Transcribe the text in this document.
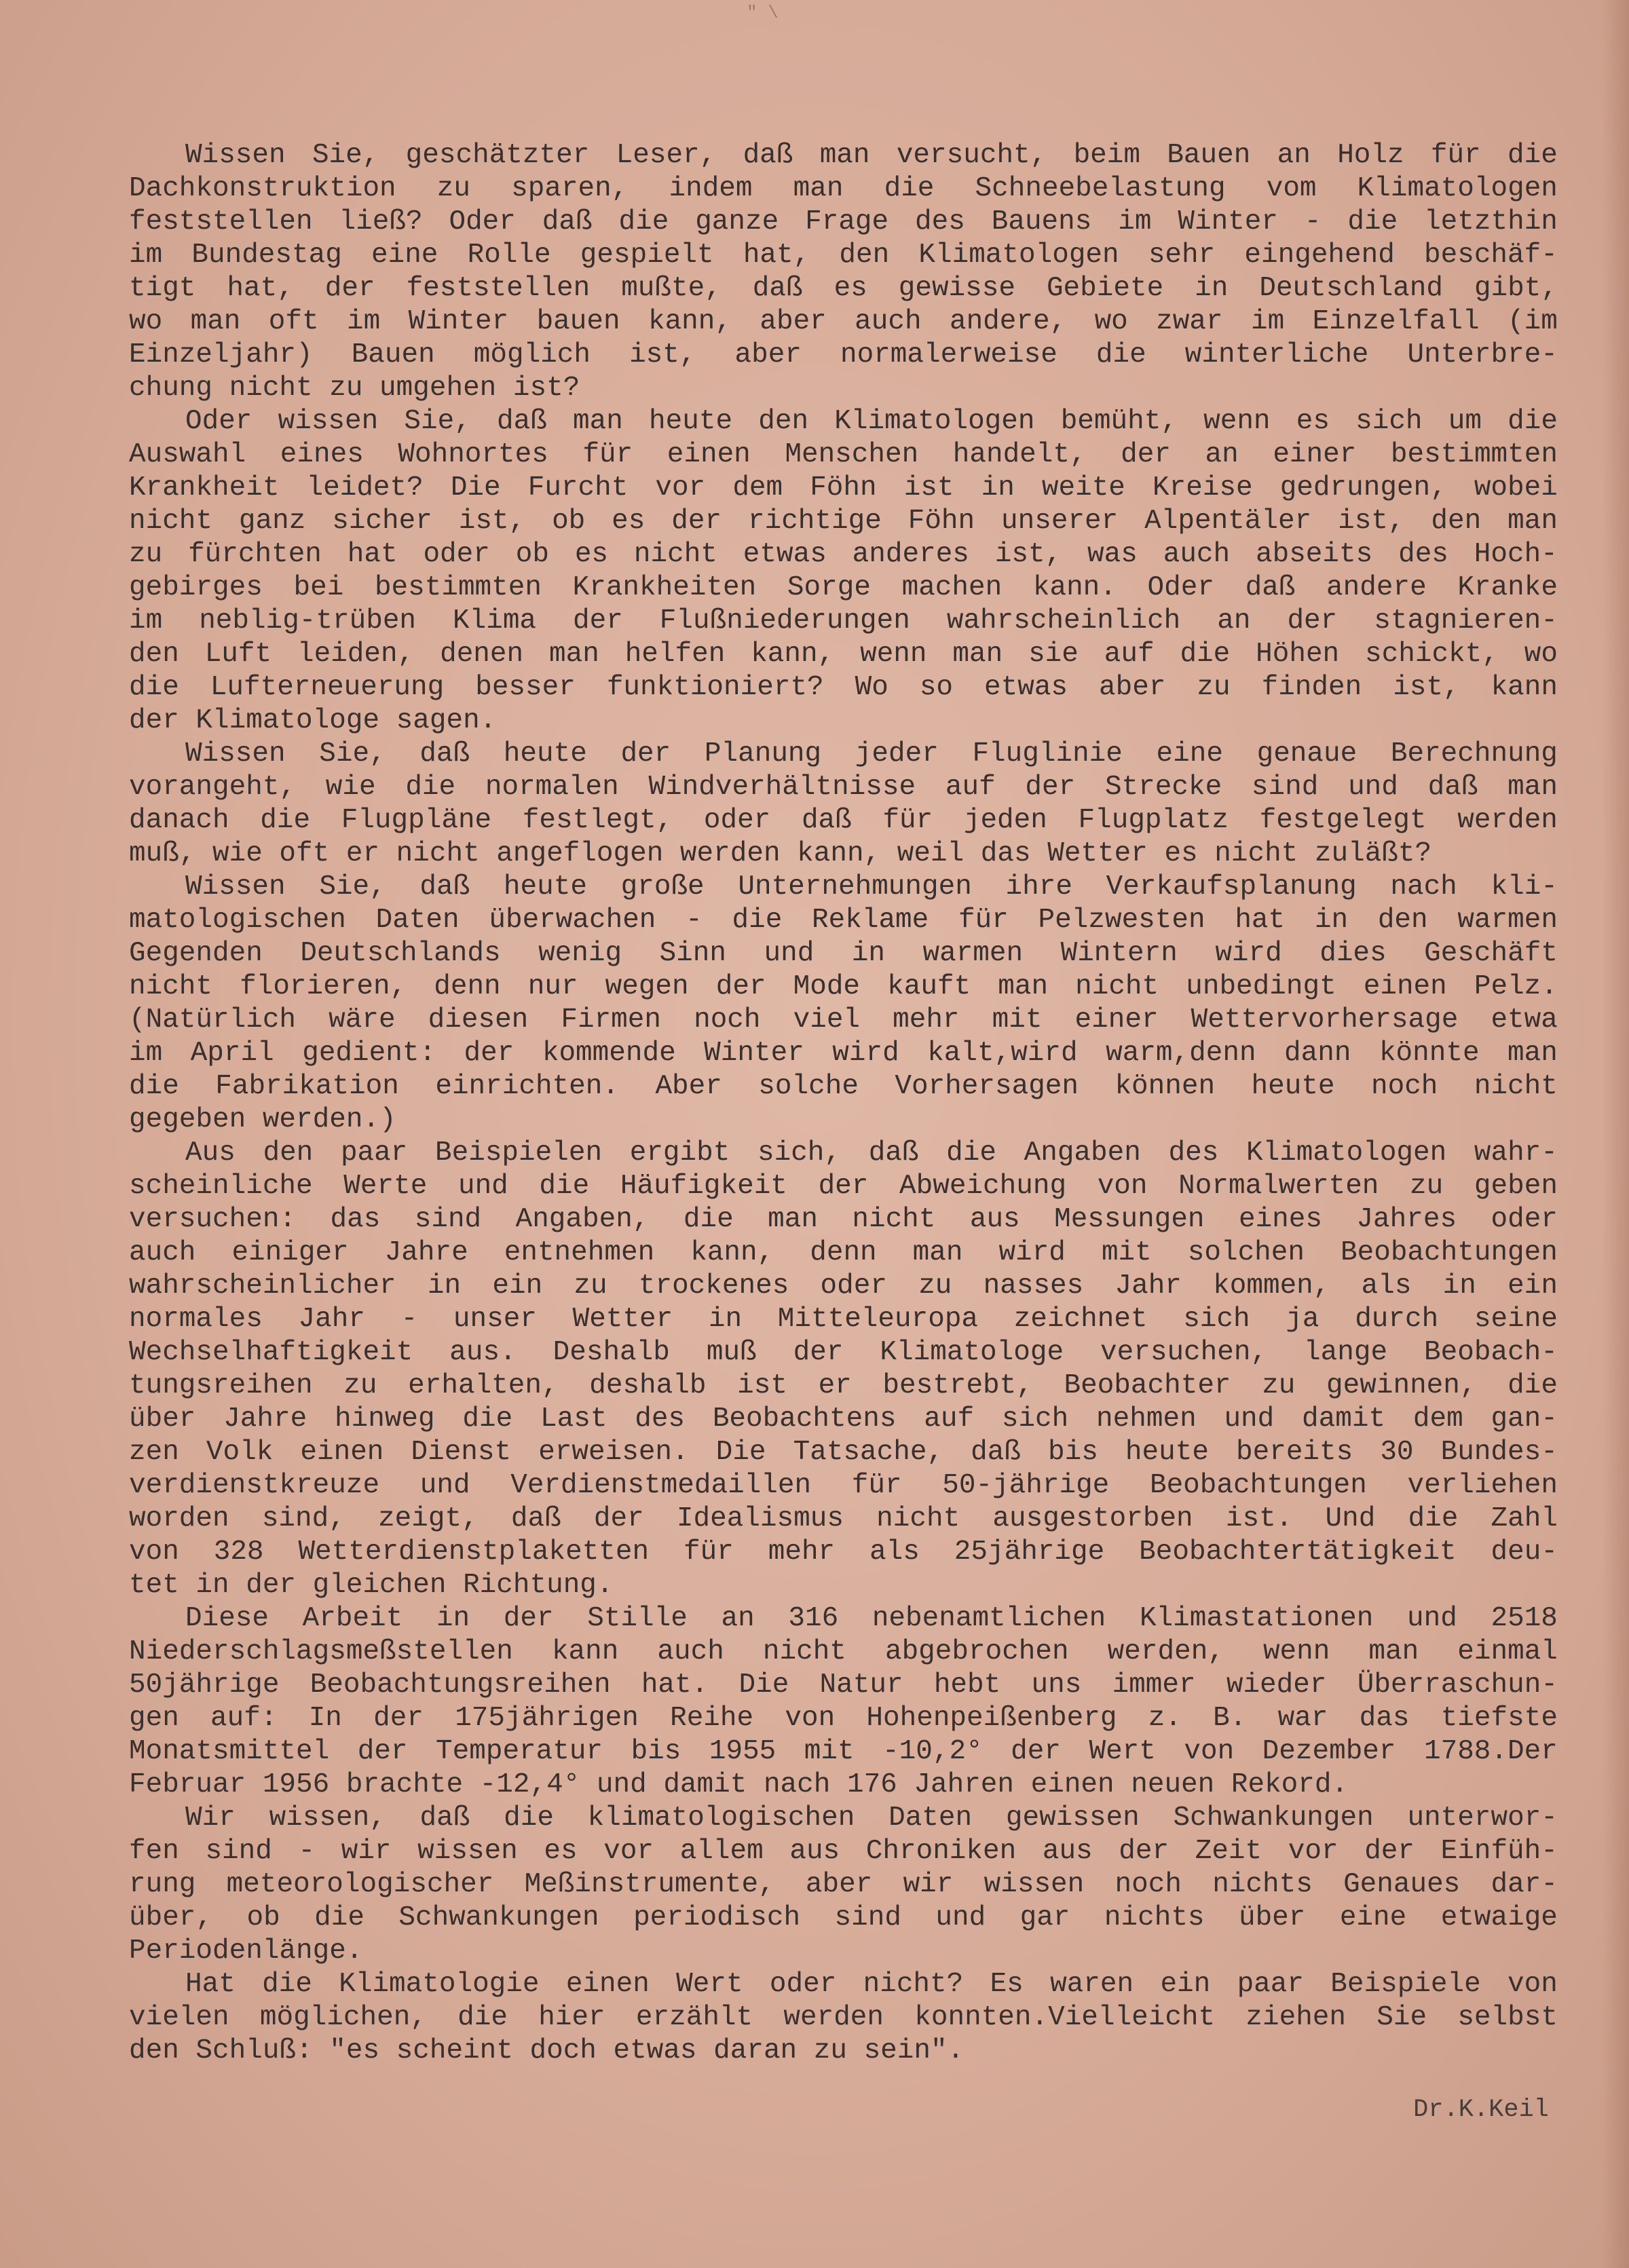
" \
Wissen Sie, geschätzter Leser, daß man versucht, beim Bauen an Holz für die
Dachkonstruktion zu sparen, indem man die Schneebelastung vom Klimatologen
feststellen ließ? Oder daß die ganze Frage des Bauens im Winter - die letzthin
im Bundestag eine Rolle gespielt hat, den Klimatologen sehr eingehend beschäf-
tigt hat, der feststellen mußte, daß es gewisse Gebiete in Deutschland gibt,
wo man oft im Winter bauen kann, aber auch andere, wo zwar im Einzelfall (im
Einzeljahr) Bauen möglich ist, aber normalerweise die winterliche Unterbre-
chung nicht zu umgehen ist?
Oder wissen Sie, daß man heute den Klimatologen bemüht, wenn es sich um die
Auswahl eines Wohnortes für einen Menschen handelt, der an einer bestimmten
Krankheit leidet? Die Furcht vor dem Föhn ist in weite Kreise gedrungen, wobei
nicht ganz sicher ist, ob es der richtige Föhn unserer Alpentäler ist, den man
zu fürchten hat oder ob es nicht etwas anderes ist, was auch abseits des Hoch-
gebirges bei bestimmten Krankheiten Sorge machen kann. Oder daß andere Kranke
im neblig-trüben Klima der Flußniederungen wahrscheinlich an der stagnieren-
den Luft leiden, denen man helfen kann, wenn man sie auf die Höhen schickt, wo
die Lufterneuerung besser funktioniert? Wo so etwas aber zu finden ist, kann
der Klimatologe sagen.
Wissen Sie, daß heute der Planung jeder Fluglinie eine genaue Berechnung
vorangeht, wie die normalen Windverhältnisse auf der Strecke sind und daß man
danach die Flugpläne festlegt, oder daß für jeden Flugplatz festgelegt werden
muß, wie oft er nicht angeflogen werden kann, weil das Wetter es nicht zuläßt?
Wissen Sie, daß heute große Unternehmungen ihre Verkaufsplanung nach kli-
matologischen Daten überwachen - die Reklame für Pelzwesten hat in den warmen
Gegenden Deutschlands wenig Sinn und in warmen Wintern wird dies Geschäft
nicht florieren, denn nur wegen der Mode kauft man nicht unbedingt einen Pelz.
(Natürlich wäre diesen Firmen noch viel mehr mit einer Wettervorhersage etwa
im April gedient: der kommende Winter wird kalt,wird warm,denn dann könnte man
die Fabrikation einrichten. Aber solche Vorhersagen können heute noch nicht
gegeben werden.)
Aus den paar Beispielen ergibt sich, daß die Angaben des Klimatologen wahr-
scheinliche Werte und die Häufigkeit der Abweichung von Normalwerten zu geben
versuchen: das sind Angaben, die man nicht aus Messungen eines Jahres oder
auch einiger Jahre entnehmen kann, denn man wird mit solchen Beobachtungen
wahrscheinlicher in ein zu trockenes oder zu nasses Jahr kommen, als in ein
normales Jahr - unser Wetter in Mitteleuropa zeichnet sich ja durch seine
Wechselhaftigkeit aus. Deshalb muß der Klimatologe versuchen, lange Beobach-
tungsreihen zu erhalten, deshalb ist er bestrebt, Beobachter zu gewinnen, die
über Jahre hinweg die Last des Beobachtens auf sich nehmen und damit dem gan-
zen Volk einen Dienst erweisen. Die Tatsache, daß bis heute bereits 30 Bundes-
verdienstkreuze und Verdienstmedaillen für 50-jährige Beobachtungen verliehen
worden sind, zeigt, daß der Idealismus nicht ausgestorben ist. Und die Zahl
von 328 Wetterdienstplaketten für mehr als 25jährige Beobachtertätigkeit deu-
tet in der gleichen Richtung.
Diese Arbeit in der Stille an 316 nebenamtlichen Klimastationen und 2518
Niederschlagsmeßstellen kann auch nicht abgebrochen werden, wenn man einmal
50jährige Beobachtungsreihen hat. Die Natur hebt uns immer wieder Überraschun-
gen auf: In der 175jährigen Reihe von Hohenpeißenberg z. B. war das tiefste
Monatsmittel der Temperatur bis 1955 mit -10,2° der Wert von Dezember 1788.Der
Februar 1956 brachte -12,4° und damit nach 176 Jahren einen neuen Rekord.
Wir wissen, daß die klimatologischen Daten gewissen Schwankungen unterwor-
fen sind - wir wissen es vor allem aus Chroniken aus der Zeit vor der Einfüh-
rung meteorologischer Meßinstrumente, aber wir wissen noch nichts Genaues dar-
über, ob die Schwankungen periodisch sind und gar nichts über eine etwaige
Periodenlänge.
Hat die Klimatologie einen Wert oder nicht? Es waren ein paar Beispiele von
vielen möglichen, die hier erzählt werden konnten.Vielleicht ziehen Sie selbst
den Schluß: "es scheint doch etwas daran zu sein".
Dr.K.Keil
